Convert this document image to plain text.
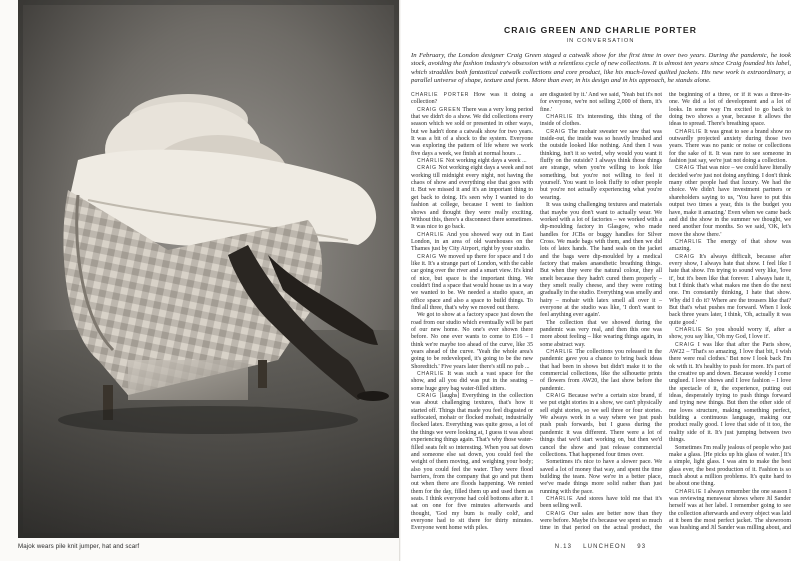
Majok wears pile knit jumper, hat and scarf
CRAIG GREEN AND CHARLIE PORTER
IN CONVERSATION
In February, the London designer Craig Green staged a catwalk show for the first time in over two years. During the pandemic, he took stock, avoiding the fashion industry's obsession with a relentless cycle of new collections. It is almost ten years since Craig founded his label, which straddles both fantastical catwalk collections and core product, like his much-loved quilted jackets. His new work is extraordinary, a parallel universe of shape, texture and form. More than ever, in his design and in his approach, he stands alone.

CHARLIE PORTER How was it doing a collection?

CRAIG GREEN There was a very long period that we didn't do a show. We did collections every season which we sold or presented in other ways, but we hadn't done a catwalk show for two years. It was a bit of a shock to the system. Everyone was exploring the pattern of life where we work five days a week, we finish at normal hours ...

CHARLIE Not working eight days a week ...

CRAIG Not working eight days a week and not working till midnight every night, not having the chaos of show and everything else that goes with it. But we missed it and it's an important thing to get back to doing. It's seen why I wanted to do fashion at college, because I went to fashion shows and thought they were really exciting. Without this, there's a disconnect there sometimes. It was nice to go back.

CHARLIE And you showed way out in East London, in an area of old warehouses on the Thames just by City Airport, right by your studio.

CRAIG We moved up there for space and I do like it. It's a strange part of London, with the cable car going over the river and a smart view. It's kind of nice, but space is the important thing. We couldn't find a space that would house us in a way we wanted to be. We needed a studio space, an office space and also a space to build things. To find all three, that's why we moved out there.

We got to show at a factory space just down the road from our studio which eventually will be part of our new home. No one's ever shown there before. No one ever wants to come to E16 – I think we're maybe too ahead of the curve, like 35 years ahead of the curve. 'Yeah the whole area's going to be redeveloped, it's going to be the new Shoreditch.' Five years later there's still no pub ...

CHARLIE It was such a vast space for the show, and all you did was put in the seating – some huge grey bag water-filled sitters.

CRAIG [laughs] Everything in the collection was about challenging textures, that's how it started off. Things that made you feel disgusted or suffocated, mohair or flocked mohair, industrially flocked latex. Everything was quite gross, a lot of the things we were looking at, I guess it was about experiencing things again. That's why those water-filled seats felt so interesting. When you sat down and someone else sat down, you could feel the weight of them moving, and weighing your body; also you could feel the water. They were flood barriers, from the company that go and put them out when there are floods happening. We rented them for the day, filled them up and used them as seats. I think everyone had cold bottoms after it. I sat on one for five minutes afterwards and thought, 'God my bum is really cold', and everyone had to sit there for thirty minutes. Everyone went home with piles.

are disgusted by it.' And we said, 'Yeah but it's not for everyone, we're not selling 2,000 of them, it's fine.'

CHARLIE It's interesting, this thing of the inside of clothes.

CRAIG The mohair sweater we saw that was inside-out, the inside was so heavily brushed and the outside looked like nothing. And then I was thinking, isn't it so weird, why would you want it fluffy on the outside? I always think those things are strange, when you're willing to look like something, but you're not willing to feel it yourself. You want to look fluffy to other people but you're not actually experiencing what you're wearing.

It was using challenging textures and materials that maybe you don't want to actually wear. We worked with a lot of factories – we worked with a dip-moulding factory in Glasgow, who made handles for JCBs or buggy handles for Silver Cross. We made bags with them, and then we did lots of latex hands. The hand seals on the jacket and the bags were dip-moulded by a medical factory that makes anaesthetic breathing things. But when they were the natural colour, they all smelt because they hadn't cured them properly – they smelt really cheese, and they were rotting gradually in the studio. Everything was smelly and hairy – mohair with latex smell all over it – everyone at the studio was like, 'I don't want to feel anything ever again'.

The collection that we showed during the pandemic was very real, and then this one was more about feeling – like wearing things again, in some abstract way.

CHARLIE The collections you released in the pandemic gave you a chance to bring back ideas that had been in shows but didn't make it to the commercial collections, like the silhouette prints of flowers from AW20, the last show before the pandemic.

CRAIG Because we're a certain size brand, if we put eight stories in a show, we can't physically sell eight stories, so we sell three or four stories. We always work in a way where we just push push push forwards, but I guess during the pandemic it was different. There were a lot of things that we'd start working on, but then we'd cancel the show and just release commercial collections. That happened four times over.

Sometimes it's nice to have a slower pace. We saved a lot of money that way, and spent the time building the team. Now we're in a better place, we've made things more solid rather than just running with the pace.

CHARLIE And stores have told me that it's been selling well.

CRAIG Our sales are better now than they were before. Maybe it's because we spent so much time in that period on the actual product, the

the beginning of a three, or if it was a three-in-one. We did a lot of development and a lot of looks. In some way I'm excited to go back to doing two shows a year, because it allows the ideas to spread. There's breathing space.

CHARLIE It was great to see a brand show no outwardly projected anxiety during those two years. There was no panic or noise or collections for the sake of it. It was rare to see someone in fashion just say, we're just not doing a collection.

CRAIG That was nice – we could have literally decided we're just not doing anything. I don't think many other people had that luxury. We had the choice. We didn't have investment partners or shareholders saying to us, 'You have to put this output two times a year, this is the budget you have, make it amazing.' Even when we came back and did the show in the summer we thought, we need another four months. So we said, 'OK, let's move the show there.'

CHARLIE The energy of that show was amazing.

CRAIG It's always difficult, because after every show, I always hate that show. I feel like I hate that show. I'm trying to sound very like, 'love it', but it's been like that forever. I always hate it, but I think that's what makes me then do the next one. I'm constantly thinking, I hate that show. Why did I do it? Where are the trousers like that? But that's what pushes me forward. When I look back three years later, I think, 'Oh, actually it was quite good.'

CHARLIE So you should worry if, after a show, you say like, 'Oh my God, I love it'.

CRAIG I was like that after the Paris show, AW22 – 'That's so amazing, I love that bit, I wish there were real clothes.' But now I look back I'm ok with it. It's healthy to push for more. It's part of the creative up and down. Because weekly I come unglued. I love shows and I love fashion – I love the spectacle of it, the experience, putting out ideas, desperately trying to push things forward and trying new things. But then the other side of me loves structure, making something perfect, building a continuous language, making our product really good. I love that side of it too, the reality side of it. It's just jumping between two things.

Sometimes I'm really jealous of people who just make a glass. [He picks up his glass of water.] It's a simple, light glass. I was aim to make the best glass ever, the best production of it. Fashion is so much about a million problems. It's quite hard to be about one thing.

CHARLIE I always remember the one season I was reviewing menswear shows where Jil Sander herself was at her label. I remember going to see the collection afterwards and every object was laid at it been the most perfect jacket. The showroom was hushing and Jil Sander was milling about, and

N.13 LUNCHEON 93
